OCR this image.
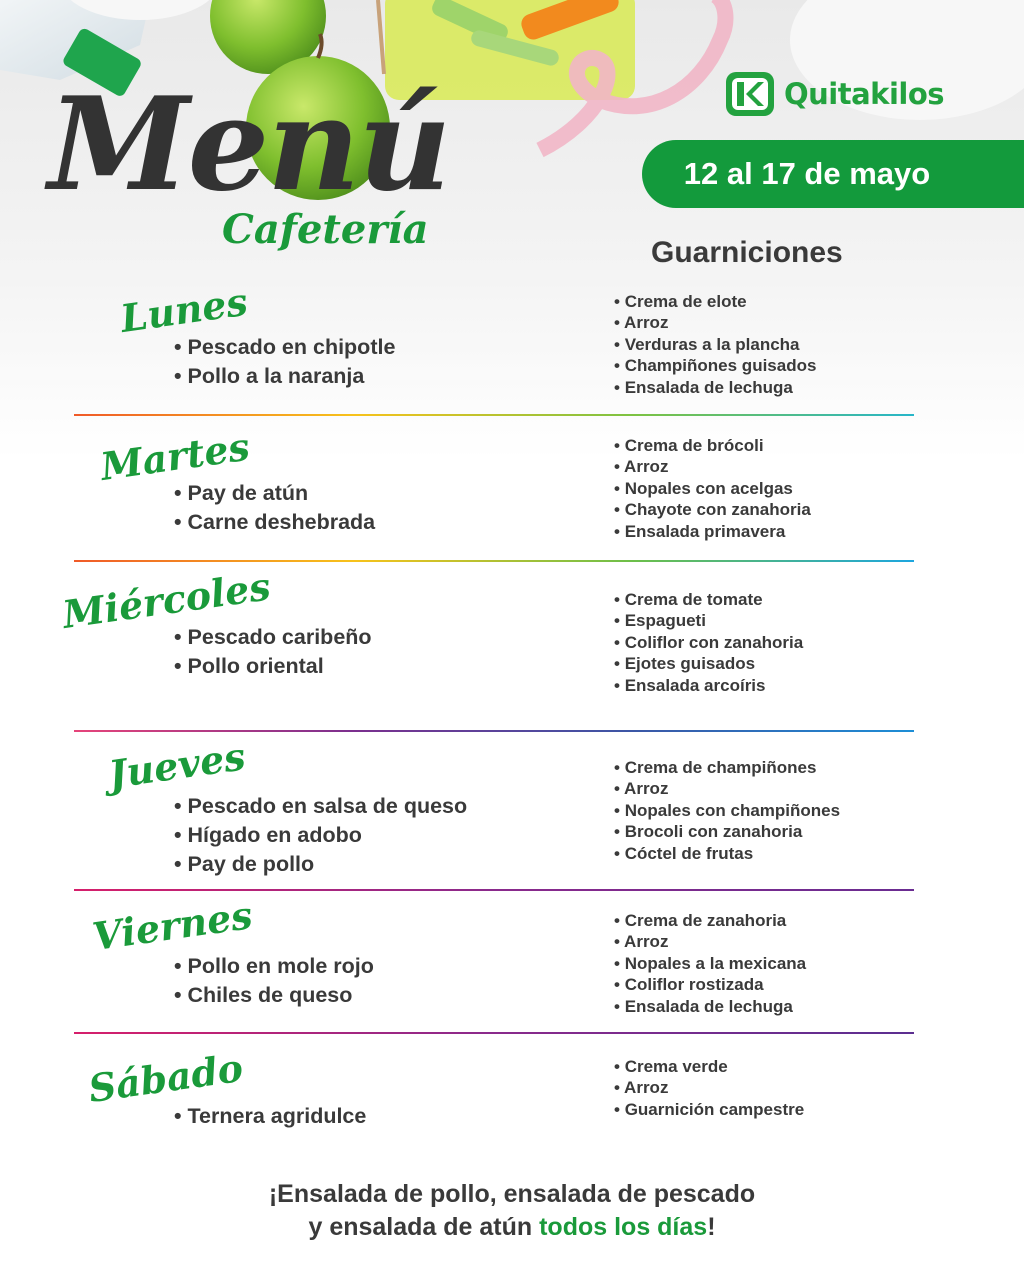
Menú
Cafetería
Quitakilos
12 al 17 de mayo
Guarniciones
Lunes
• Pescado en chipotle
• Pollo a la naranja
• Crema de elote
• Arroz
• Verduras a la plancha
• Champiñones guisados
• Ensalada de lechuga
Martes
• Pay de atún
• Carne deshebrada
• Crema de brócoli
• Arroz
• Nopales con acelgas
• Chayote con zanahoria
• Ensalada primavera
Miércoles
• Pescado caribeño
• Pollo oriental
• Crema de tomate
• Espagueti
• Coliflor con zanahoria
• Ejotes guisados
• Ensalada arcoíris
Jueves
• Pescado en salsa de queso
• Hígado en adobo
• Pay de pollo
• Crema de champiñones
• Arroz
• Nopales con champiñones
• Brocoli con zanahoria
• Cóctel de frutas
Viernes
• Pollo en mole rojo
• Chiles de queso
• Crema de zanahoria
• Arroz
• Nopales a la mexicana
• Coliflor rostizada
• Ensalada de lechuga
Sábado
• Ternera agridulce
• Crema verde
• Arroz
• Guarnición campestre
¡Ensalada de pollo, ensalada de pescado
y ensalada de atún todos los días!
